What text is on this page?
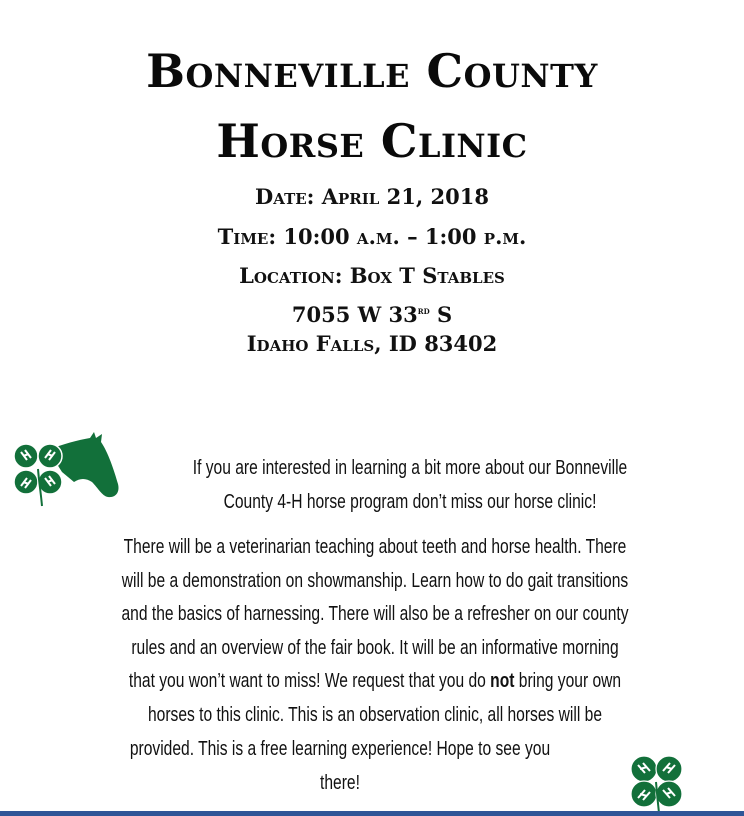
Bonneville County
Horse Clinic
Date: April 21, 2018
Time: 10:00 a.m. – 1:00 p.m.
Location: Box T Stables
7055 W 33rd S
Idaho Falls, ID 83402
If you are interested in learning a bit more about our Bonneville
County 4-H horse program don’t miss our horse clinic!
There will be a veterinarian teaching about teeth and horse health. There
will be a demonstration on showmanship. Learn how to do gait transitions
and the basics of harnessing. There will also be a refresher on our county
rules and an overview of the fair book. It will be an informative morning
that you won’t want to miss! We request that you do not bring your own
horses to this clinic. This is an observation clinic, all horses will be
provided. This is a free learning experience! Hope to see you
there!
